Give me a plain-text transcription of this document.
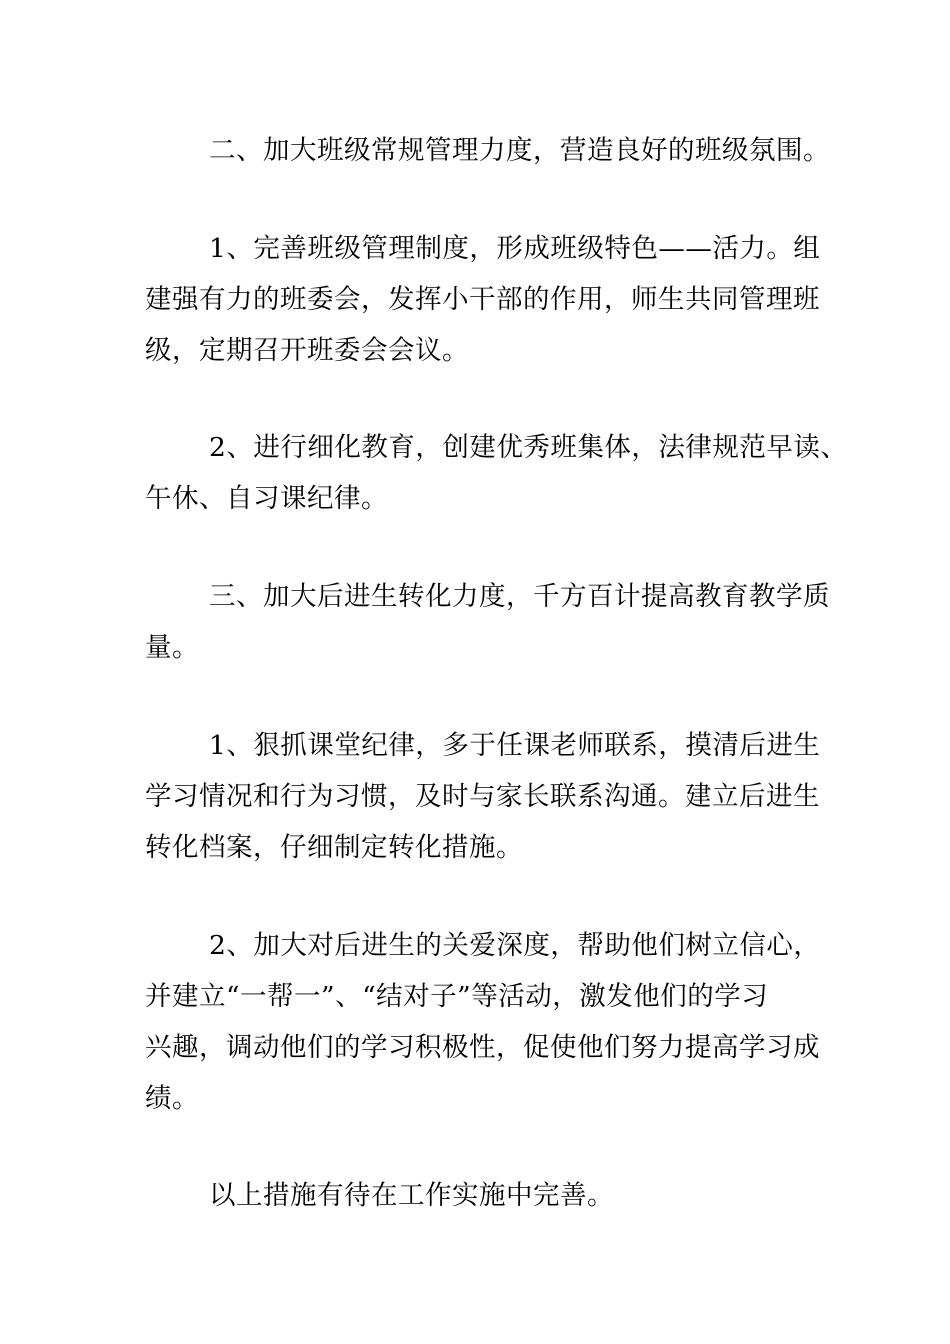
二、加大班级常规管理力度，营造良好的班级氛围。

1、完善班级管理制度，形成班级特色——活力。组
建强有力的班委会，发挥小干部的作用，师生共同管理班
级，定期召开班委会会议。

2、进行细化教育，创建优秀班集体，法律规范早读、
午休、自习课纪律。

三、加大后进生转化力度，千方百计提高教育教学质
量。

1、狠抓课堂纪律，多于任课老师联系，摸清后进生
学习情况和行为习惯，及时与家长联系沟通。建立后进生
转化档案，仔细制定转化措施。

2、加大对后进生的关爱深度，帮助他们树立信心，
并建立“一帮一”、“结对子”等活动，激发他们的学习
兴趣，调动他们的学习积极性，促使他们努力提高学习成
绩。

以上措施有待在工作实施中完善。
